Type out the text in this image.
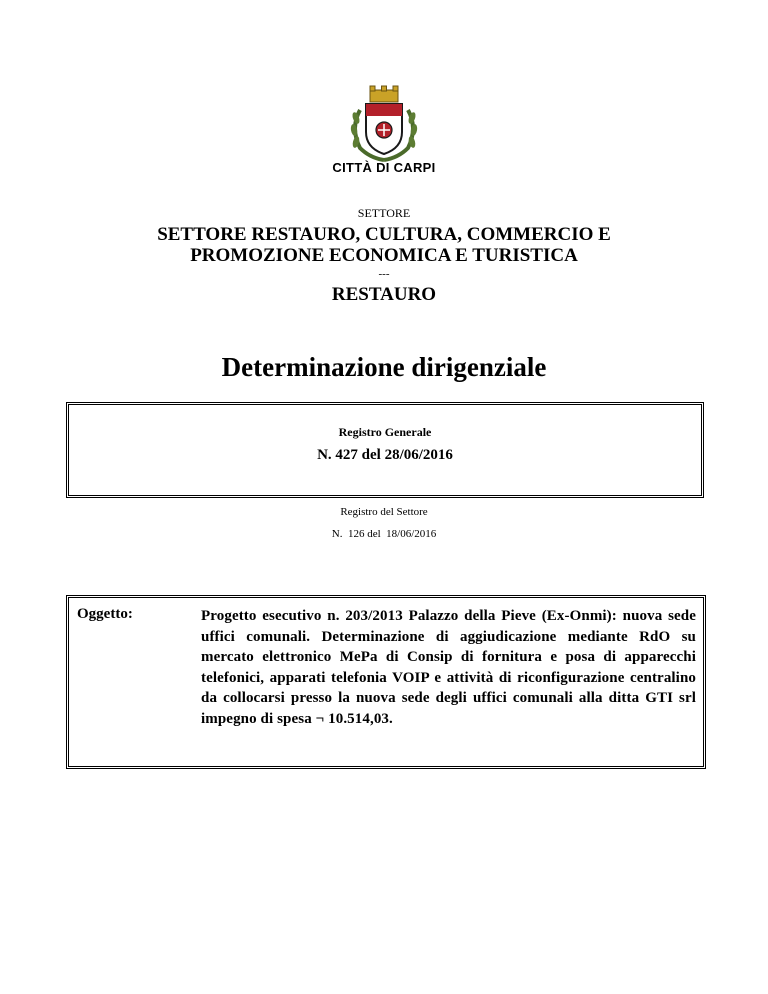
CITTÀ DI CARPI
SETTORE
SETTORE RESTAURO, CULTURA, COMMERCIO E PROMOZIONE ECONOMICA E TURISTICA
---
RESTAURO
Determinazione dirigenziale
Registro Generale
N. 427 del 28/06/2016
Registro del Settore
N.  126 del  18/06/2016
Oggetto:	Progetto esecutivo n. 203/2013 Palazzo della Pieve (Ex-Onmi): nuova sede uffici comunali. Determinazione di aggiudicazione mediante RdO su mercato elettronico MePa di Consip di fornitura e posa di apparecchi telefonici, apparati telefonia VOIP e attività di riconfigurazione centralino da collocarsi presso la nuova sede degli uffici comunali alla ditta GTI srl impegno di spesa ¬ 10.514,03.
